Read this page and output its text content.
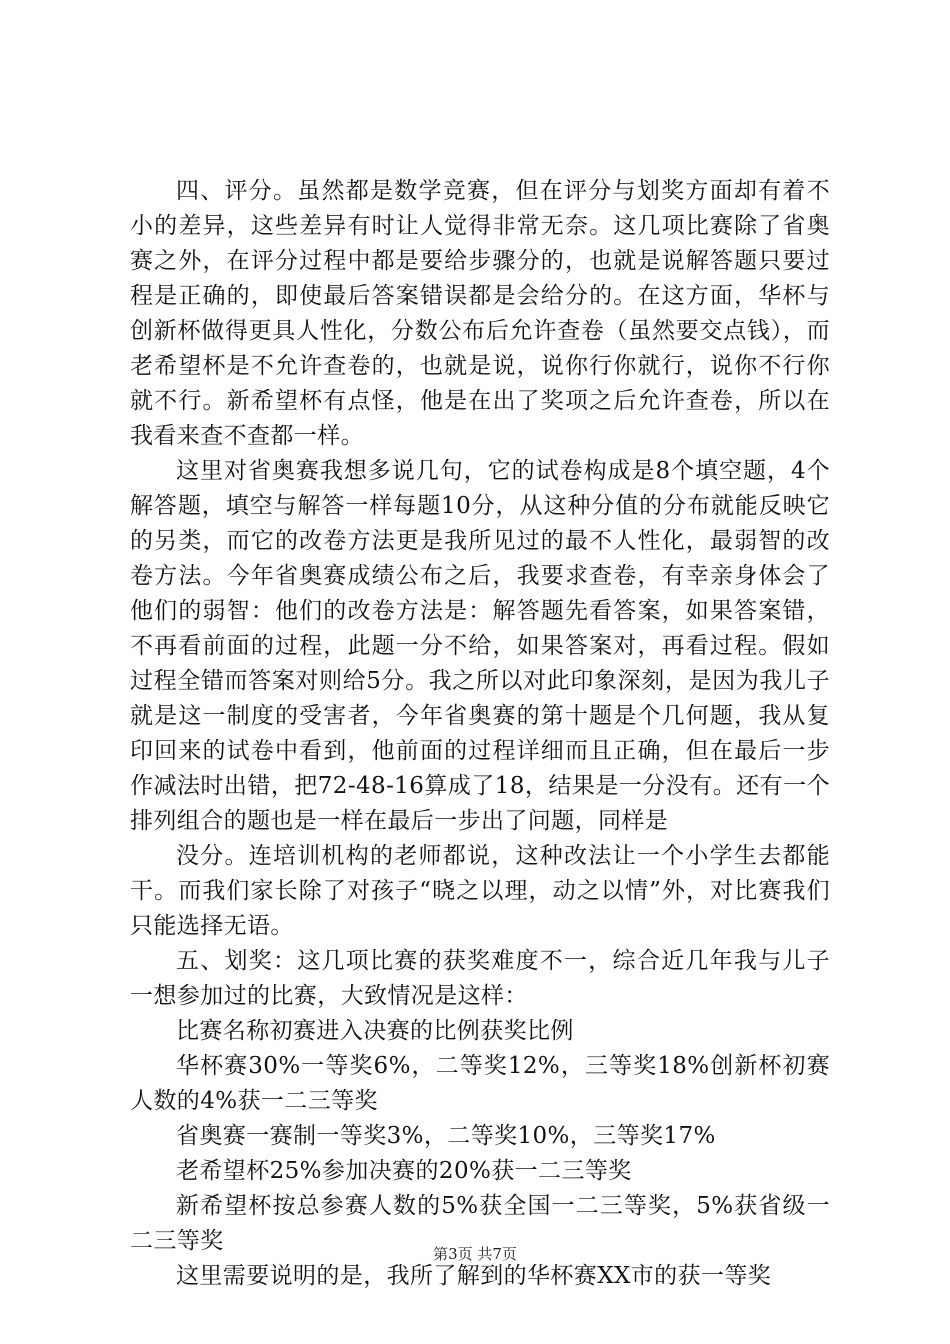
四、评分。虽然都是数学竞赛，但在评分与划奖方面却有着不小的差异，这些差异有时让人觉得非常无奈。这几项比赛除了省奥赛之外，在评分过程中都是要给步骤分的，也就是说解答题只要过程是正确的，即使最后答案错误都是会给分的。在这方面，华杯与创新杯做得更具人性化，分数公布后允许查卷（虽然要交点钱），而老希望杯是不允许查卷的，也就是说，说你行你就行，说你不行你就不行。新希望杯有点怪，他是在出了奖项之后允许查卷，所以在我看来查不查都一样。

这里对省奥赛我想多说几句，它的试卷构成是8个填空题，4个解答题，填空与解答一样每题10分，从这种分值的分布就能反映它的另类，而它的改卷方法更是我所见过的最不人性化，最弱智的改卷方法。今年省奥赛成绩公布之后，我要求查卷，有幸亲身体会了他们的弱智：他们的改卷方法是：解答题先看答案，如果答案错，不再看前面的过程，此题一分不给，如果答案对，再看过程。假如过程全错而答案对则给5分。我之所以对此印象深刻，是因为我儿子就是这一制度的受害者，今年省奥赛的第十题是个几何题，我从复印回来的试卷中看到，他前面的过程详细而且正确，但在最后一步作减法时出错，把72-48-16算成了18，结果是一分没有。还有一个排列组合的题也是一样在最后一步出了问题，同样是

没分。连培训机构的老师都说，这种改法让一个小学生去都能干。而我们家长除了对孩子“晓之以理，动之以情”外，对比赛我们只能选择无语。

五、划奖：这几项比赛的获奖难度不一，综合近几年我与儿子一想参加过的比赛，大致情况是这样：

比赛名称初赛进入决赛的比例获奖比例

华杯赛30%一等奖6%，二等奖12%，三等奖18%创新杯初赛人数的4%获一二三等奖

省奥赛一赛制一等奖3%，二等奖10%，三等奖17%

老希望杯25%参加决赛的20%获一二三等奖

新希望杯按总参赛人数的5%获全国一二三等奖，5%获省级一二三等奖

这里需要说明的是，我所了解到的华杯赛XX市的获一等奖

第3页 共7页
